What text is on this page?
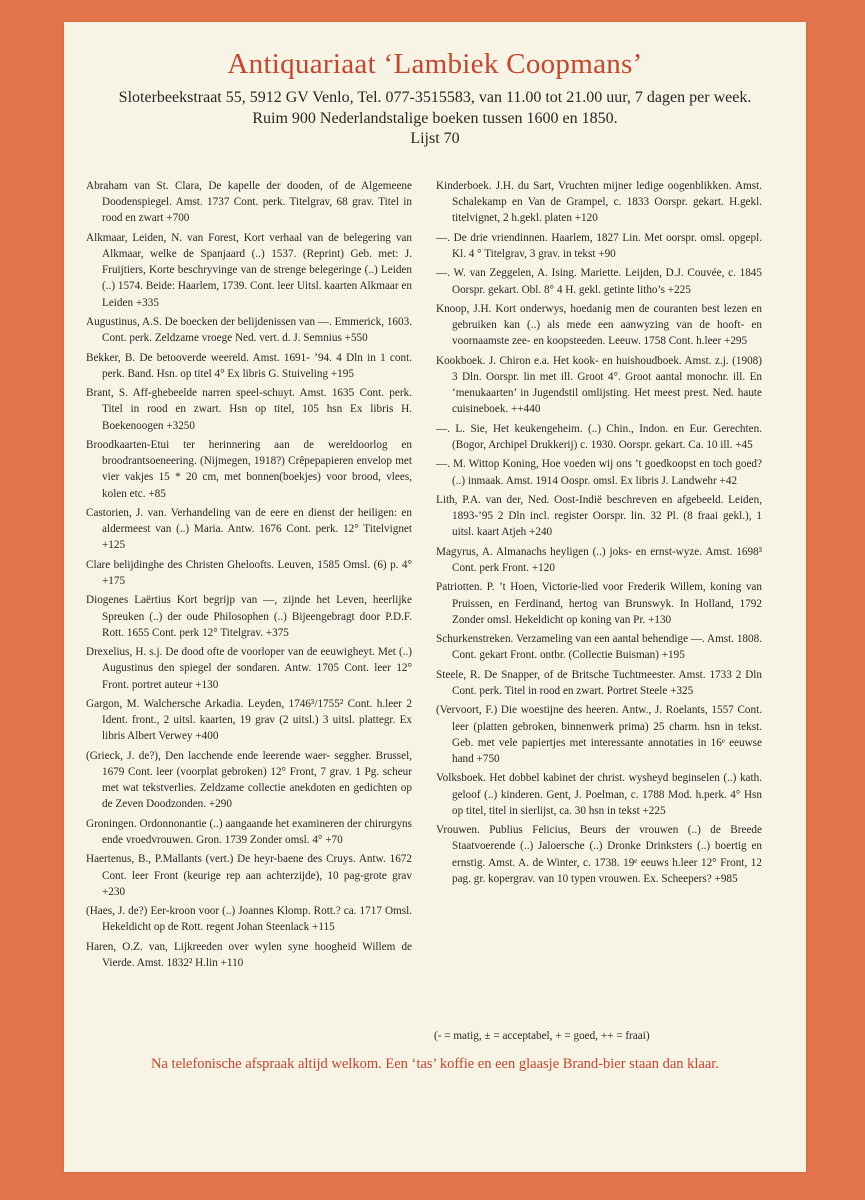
Antiquariaat ‘Lambiek Coopmans’
Sloterbeekstraat 55, 5912 GV Venlo, Tel. 077-3515583, van 11.00 tot 21.00 uur, 7 dagen per week.
Ruim 900 Nederlandstalige boeken tussen 1600 en 1850.
Lijst 70

Abraham van St. Clara, De kapelle der dooden, of de Algemeene Doodenspiegel. Amst. 1737 Cont. perk. Titelgrav, 68 grav. Titel in rood en zwart +700

Alkmaar, Leiden, N. van Forest, Kort verhaal van de belegering van Alkmaar, welke de Spanjaard (..) 1537. (Reprint) Geb. met: J. Fruijtiers, Korte beschryvinge van de strenge belegeringe (..) Leiden (..) 1574. Beide: Haarlem, 1739. Cont. leer Uitsl. kaarten Alkmaar en Leiden +335

Augustinus, A.S. De boecken der belijdenissen van —. Emmerick, 1603. Cont. perk. Zeldzame vroege Ned. vert. d. J. Semnius +550

Bekker, B. De betooverde weereld. Amst. 1691- ’94. 4 Dln in 1 cont. perk. Band. Hsn. op titel 4° Ex libris G. Stuiveling +195

Brant, S. Aff-ghebeelde narren speel-schuyt. Amst. 1635 Cont. perk. Titel in rood en zwart. Hsn op titel, 105 hsn Ex libris H. Boekenoogen +3250

Broodkaarten-Etui ter herinnering aan de wereldoorlog en broodrantsoeneering. (Nijmegen, 1918?) Crêpepapieren envelop met vier vakjes 15 * 20 cm, met bonnen(boekjes) voor brood, vlees, kolen etc. +85

Castorien, J. van. Verhandeling van de eere en dienst der heiligen: en aldermeest van (..) Maria. Antw. 1676 Cont. perk. 12° Titelvignet +125

Clare belijdinghe des Christen Gheloofts. Leuven, 1585 Omsl. (6) p. 4° +175

Diogenes Laërtius Kort begrijp van —, zijnde het Leven, heerlijke Spreuken (..) der oude Philosophen (..) Bijeengebragt door P.D.F. Rott. 1655 Cont. perk 12° Titelgrav. +375

Drexelius, H. s.j. De dood ofte de voorloper van de eeuwigheyt. Met (..) Augustinus den spiegel der sondaren. Antw. 1705 Cont. leer 12° Front. portret auteur +130

Gargon, M. Walchersche Arkadia. Leyden, 1746³/1755² Cont. h.leer 2 Ident. front., 2 uitsl. kaarten, 19 grav (2 uitsl.) 3 uitsl. plattegr. Ex libris Albert Verwey +400

(Grieck, J. de?), Den lacchende ende leerende waer- seggher. Brussel, 1679 Cont. leer (voorplat gebroken) 12° Front, 7 grav. 1 Pg. scheur met wat tekstverlies. Zeldzame collectie anekdoten en gedichten op de Zeven Doodzonden. +290

Groningen. Ordonnonantie (..) aangaande het examineren der chirurgyns ende vroedvrouwen. Gron. 1739 Zonder omsl. 4° +70

Haertenus, B., P.Mallants (vert.) De heyr-baene des Cruys. Antw. 1672 Cont. leer Front (keurige rep aan achterzijde), 10 pag-grote grav +230

(Haes, J. de?) Eer-kroon voor (..) Joannes Klomp. Rott.? ca. 1717 Omsl. Hekeldicht op de Rott. regent Johan Steenlack +115

Haren, O.Z. van, Lijkreeden over wylen syne hoogheid Willem de Vierde. Amst. 1832² H.lin +110

Kinderboek. J.H. du Sart, Vruchten mijner ledige oogenblikken. Amst. Schalekamp en Van de Grampel, c. 1833 Oorspr. gekart. H.gekl. titelvignet, 2 h.gekl. platen +120

—. De drie vriendinnen. Haarlem, 1827 Lin. Met oorspr. omsl. opgepl. Kl. 4 ° Titelgrav, 3 grav. in tekst +90

—. W. van Zeggelen, A. Ising. Mariette. Leijden, D.J. Couvée, c. 1845 Oorspr. gekart. Obl. 8° 4 H. gekl. getinte litho’s +225

Knoop, J.H. Kort onderwys, hoedanig men de couranten best lezen en gebruiken kan (..) als mede een aanwyzing van de hooft- en voornaamste zee- en koopsteeden. Leeuw. 1758 Cont. h.leer +295

Kookboek. J. Chiron e.a. Het kook- en huishoudboek. Amst. z.j. (1908) 3 Dln. Oorspr. lin met ill. Groot 4°. Groot aantal monochr. ill. En ‘menukaarten’ in Jugendstil omlijsting. Het meest prest. Ned. haute cuisineboek. ++440

—. L. Sie, Het keukengeheim. (..) Chin., Indon. en Eur. Gerechten. (Bogor, Archipel Drukkerij) c. 1930. Oorspr. gekart. Ca. 10 ill. +45

—. M. Wittop Koning, Hoe voeden wij ons ’t goedkoopst en toch goed? (..) inmaak. Amst. 1914 Oospr. omsl. Ex libris J. Landwehr +42

Lith, P.A. van der, Ned. Oost-Indië beschreven en afgebeeld. Leiden, 1893-’95 2 Dln incl. register Oorspr. lin. 32 Pl. (8 fraai gekl.), 1 uitsl. kaart Atjeh +240

Magyrus, A. Almanachs heyligen (..) joks- en ernst-wyze. Amst. 1698³ Cont. perk Front. +120

Patriotten. P. ’t Hoen, Victorie-lied voor Frederik Willem, koning van Pruissen, en Ferdinand, hertog van Brunswyk. In Holland, 1792 Zonder omsl. Hekeldicht op koning van Pr. +130

Schurkenstreken. Verzameling van een aantal behendige —. Amst. 1808. Cont. gekart Front. ontbr. (Collectie Buisman) +195

Steele, R. De Snapper, of de Britsche Tuchtmeester. Amst. 1733 2 Dln Cont. perk. Titel in rood en zwart. Portret Steele +325

(Vervoort, F.) Die woestijne des heeren. Antw., J. Roelants, 1557 Cont. leer (platten gebroken, binnenwerk prima) 25 charm. hsn in tekst. Geb. met vele papiertjes met interessante annotaties in 16ᵉ eeuwse hand +750

Volksboek. Het dobbel kabinet der christ. wysheyd beginselen (..) kath. geloof (..) kinderen. Gent, J. Poelman, c. 1788 Mod. h.perk. 4° Hsn op titel, titel in sierlijst, ca. 30 hsn in tekst +225

Vrouwen. Publius Felicius, Beurs der vrouwen (..) de Breede Staatvoerende (..) Jaloersche (..) Dronke Drinksters (..) boertig en ernstig. Amst. A. de Winter, c. 1738. 19ᵉ eeuws h.leer 12° Front, 12 pag. gr. kopergrav. van 10 typen vrouwen. Ex. Scheepers? +985

(- = matig, ± = acceptabel, + = goed, ++ = fraai)
Na telefonische afspraak altijd welkom. Een ‘tas’ koffie en een glaasje Brand-bier staan dan klaar.
